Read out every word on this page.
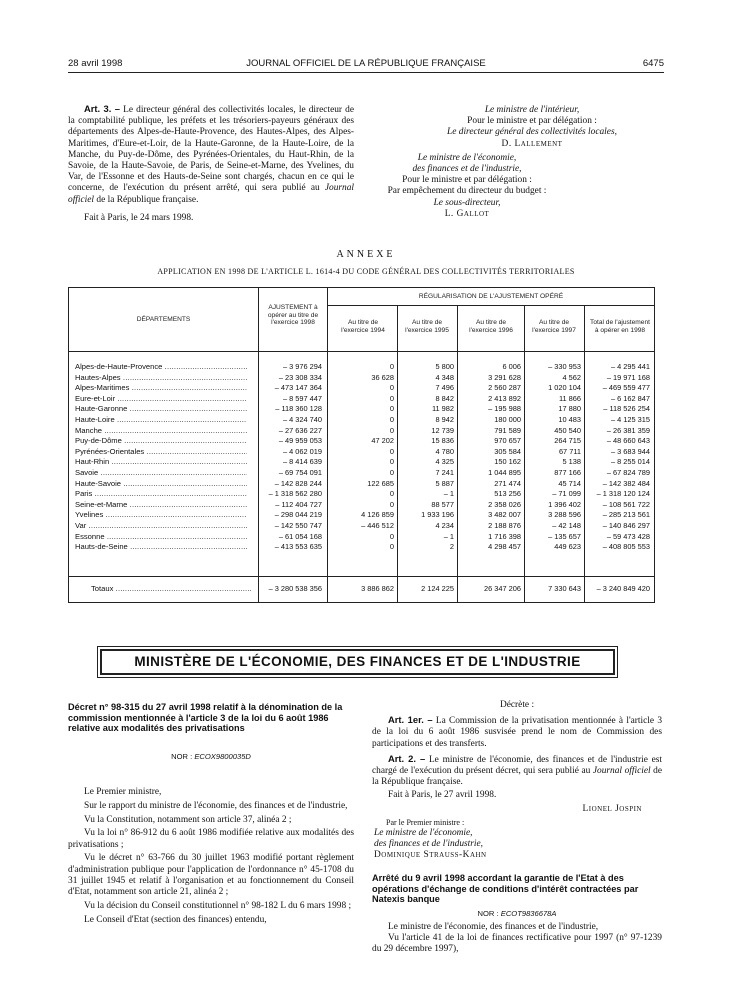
28 avril 1998	JOURNAL OFFICIEL DE LA RÉPUBLIQUE FRANÇAISE	6475

Art. 3. – Le directeur général des collectivités locales, le directeur de la comptabilité publique, les préfets et les trésoriers-payeurs généraux des départements des Alpes-de-Haute-Provence, des Hautes-Alpes, des Alpes-Maritimes, d'Eure-et-Loir, de la Haute-Garonne, de la Haute-Loire, de la Manche, du Puy-de-Dôme, des Pyrénées-Orientales, du Haut-Rhin, de la Savoie, de la Haute-Savoie, de Paris, de Seine-et-Marne, des Yvelines, du Var, de l'Essonne et des Hauts-de-Seine sont chargés, chacun en ce qui le concerne, de l'exécution du présent arrêté, qui sera publié au Journal officiel de la République française.

Fait à Paris, le 24 mars 1998.
Le ministre de l'intérieur,
Pour le ministre et par délégation :
Le directeur général des collectivités locales,
D. Lallement
Le ministre de l'économie,
des finances et de l'industrie,
Pour le ministre et par délégation :
Par empêchement du directeur du budget :
Le sous-directeur,
L. Gallot
ANNEXE
APPLICATION EN 1998 DE L'ARTICLE L. 1614-4 DU CODE GÉNÉRAL DES COLLECTIVITÉS TERRITORIALES
DÉPARTEMENTS
AJUSTEMENT à opérer au titre de l'exercice 1998
RÉGULARISATION DE L'AJUSTEMENT OPÉRÉ
Au titre de l'exercice 1994
Au titre de l'exercice 1995
Au titre de l'exercice 1996
Au titre de l'exercice 1997
Total de l'ajustement à opérer en 1998
Alpes-de-Haute-Provence .....	– 3 976 294	0	5 800	6 006	– 330 953	– 4 295 441
Hautes-Alpes .....	– 23 308 334	36 628	4 348	3 291 628	4 562	– 19 971 168
Alpes-Maritimes .....	– 473 147 364	0	7 496	2 560 287	1 020 104	– 469 559 477
Eure-et-Loir .....	– 8 597 447	0	8 842	2 413 892	11 866	– 6 162 847
Haute-Garonne .....	– 118 360 128	0	11 982	– 195 988	17 880	– 118 526 254
Haute-Loire .....	– 4 324 740	0	8 942	180 000	10 483	– 4 125 315
Manche .....	– 27 636 227	0	12 739	791 589	450 540	– 26 381 359
Puy-de-Dôme .....	– 49 959 053	47 202	15 836	970 657	264 715	– 48 660 643
Pyrénées-Orientales .....	– 4 062 019	0	4 780	305 584	67 711	– 3 683 944
Haut-Rhin .....	– 8 414 639	0	4 325	150 162	5 138	– 8 255 014
Savoie .....	– 69 754 091	0	7 241	1 044 895	877 166	– 67 824 789
Haute-Savoie .....	– 142 828 244	122 685	5 887	271 474	45 714	– 142 382 484
Paris .....	– 1 318 562 280	0	– 1	513 256	– 71 099	– 1 318 120 124
Seine-et-Marne .....	– 112 404 727	0	88 577	2 358 026	1 396 402	– 108 561 722
Yvelines .....	– 298 044 219	4 126 859	1 933 196	3 482 007	3 288 596	– 285 213 561
Var .....	– 142 550 747	– 446 512	4 234	2 188 876	– 42 148	– 140 846 297
Essonne .....	– 61 054 168	0	– 1	1 716 398	– 135 657	– 59 473 428
Hauts-de-Seine .....	– 413 553 635	0	2	4 298 457	449 623	– 408 805 553
Totaux .....	– 3 280 538 356	3 886 862	2 124 225	26 347 206	7 330 643	– 3 240 849 420
MINISTÈRE DE L'ÉCONOMIE, DES FINANCES ET DE L'INDUSTRIE
Décret n° 98-315 du 27 avril 1998 relatif à la dénomination de la commission mentionnée à l'article 3 de la loi du 6 août 1986 relative aux modalités des privatisations
NOR : ECOX9800035D

Le Premier ministre,

Sur le rapport du ministre de l'économie, des finances et de l'industrie,

Vu la Constitution, notamment son article 37, alinéa 2 ;

Vu la loi n° 86-912 du 6 août 1986 modifiée relative aux modalités des privatisations ;

Vu le décret n° 63-766 du 30 juillet 1963 modifié portant règlement d'administration publique pour l'application de l'ordonnance n° 45-1708 du 31 juillet 1945 et relatif à l'organisation et au fonctionnement du Conseil d'Etat, notamment son article 21, alinéa 2 ;

Vu la décision du Conseil constitutionnel n° 98-182 L du 6 mars 1998 ;

Le Conseil d'Etat (section des finances) entendu,

Décrète :

Art. 1er. – La Commission de la privatisation mentionnée à l'article 3 de la loi du 6 août 1986 susvisée prend le nom de Commission des participations et des transferts.

Art. 2. – Le ministre de l'économie, des finances et de l'industrie est chargé de l'exécution du présent décret, qui sera publié au Journal officiel de la République française.

Fait à Paris, le 27 avril 1998.

Lionel Jospin

Par le Premier ministre :

Le ministre de l'économie,

des finances et de l'industrie,

Dominique Strauss-Kahn

Arrêté du 9 avril 1998 accordant la garantie de l'Etat à des opérations d'échange de conditions d'intérêt contractées par Natexis banque
NOR : ECOT9836678A

Le ministre de l'économie, des finances et de l'industrie,

Vu l'article 41 de la loi de finances rectificative pour 1997 (n° 97-1239 du 29 décembre 1997),
